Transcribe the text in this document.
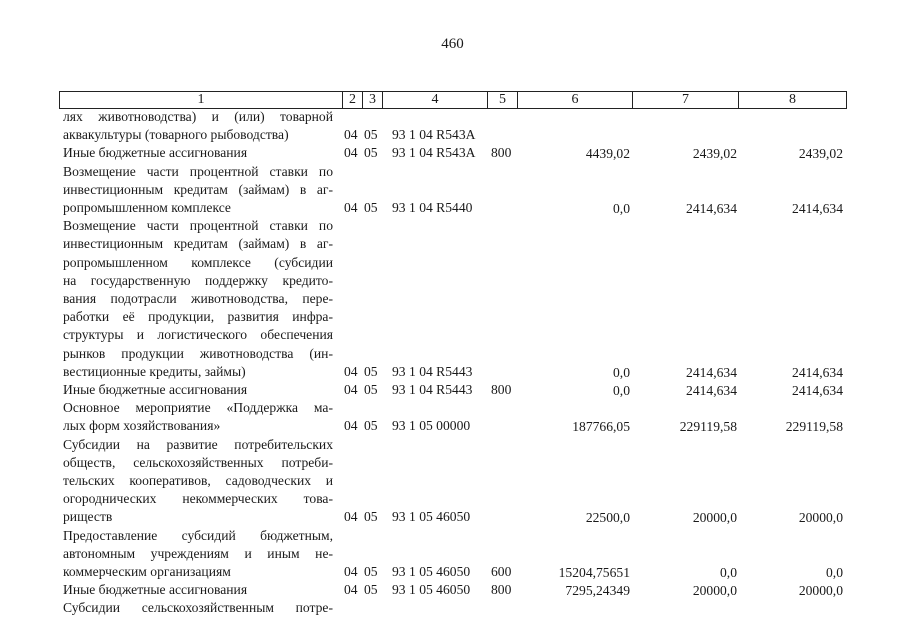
460
1	2 3	4	5	6	7	8
лях животноводства) и (или) товарной
аквакультуры (товарного рыбоводства)	04 05 93 1 04 R543A
Иные бюджетные ассигнования	04 05 93 1 04 R543A 800	4439,02	2439,02	2439,02
Возмещение части процентной ставки по
инвестиционным кредитам (займам) в аг-
ропромышленном комплексе	04 05 93 1 04 R5440	0,0	2414,634	2414,634
Возмещение части процентной ставки по
инвестиционным кредитам (займам) в аг-
ропромышленном комплексе (субсидии
на государственную поддержку кредито-
вания подотрасли животноводства, пере-
работки её продукции, развития инфра-
структуры и логистического обеспечения
рынков продукции животноводства (ин-
вестиционные кредиты, займы)	04 05 93 1 04 R5443	0,0	2414,634	2414,634
Иные бюджетные ассигнования	04 05 93 1 04 R5443 800	0,0	2414,634	2414,634
Основное мероприятие «Поддержка ма-
лых форм хозяйствования»	04 05 93 1 05 00000	187766,05	229119,58	229119,58
Субсидии на развитие потребительских
обществ, сельскохозяйственных потреби-
тельских кооперативов, садоводческих и
огороднических некоммерческих това-
риществ	04 05 93 1 05 46050	22500,0	20000,0	20000,0
Предоставление субсидий бюджетным,
автономным учреждениям и иным не-
коммерческим организациям	04 05 93 1 05 46050 600	15204,75651	0,0	0,0
Иные бюджетные ассигнования	04 05 93 1 05 46050 800	7295,24349	20000,0	20000,0
Субсидии сельскохозяйственным потре-
